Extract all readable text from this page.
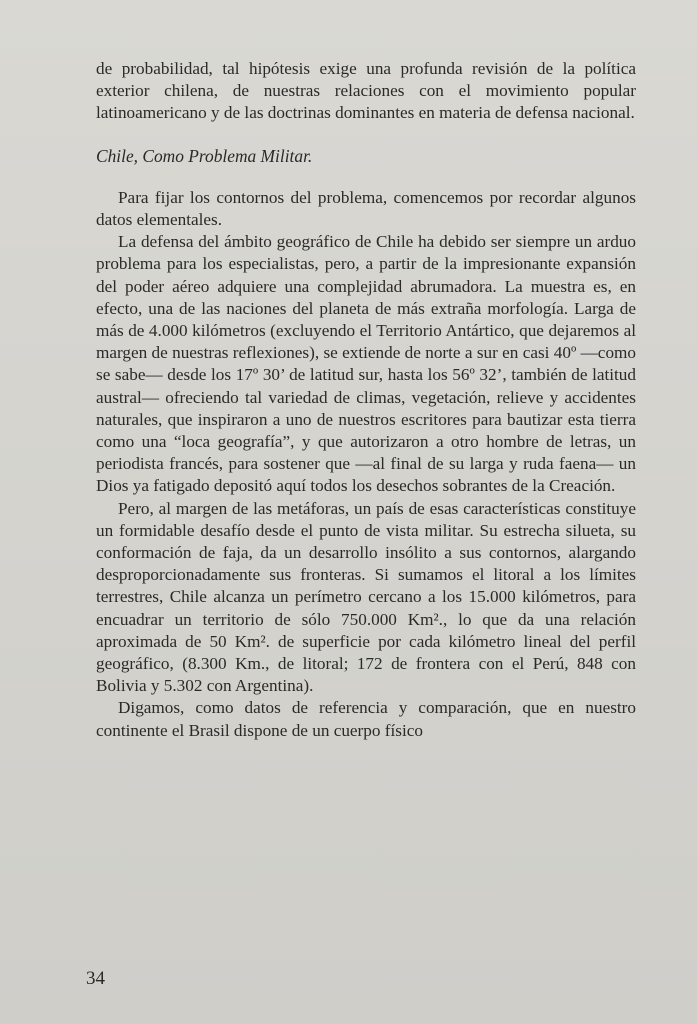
de probabilidad, tal hipótesis exige una profunda revisión de la política exterior chilena, de nuestras relaciones con el movimiento popular latinoamericano y de las doctrinas dominantes en materia de defensa nacional.

Chile, Como Problema Militar.

Para fijar los contornos del problema, comencemos por recordar algunos datos elementales.

La defensa del ámbito geográfico de Chile ha debido ser siempre un arduo problema para los especialistas, pero, a partir de la impresionante expansión del poder aéreo adquiere una complejidad abrumadora. La muestra es, en efecto, una de las naciones del planeta de más extraña morfología. Larga de más de 4.000 kilómetros (excluyendo el Territorio Antártico, que dejaremos al margen de nuestras reflexiones), se extiende de norte a sur en casi 40º —como se sabe— desde los 17º 30’ de latitud sur, hasta los 56º 32’, también de latitud austral— ofreciendo tal variedad de climas, vegetación, relieve y accidentes naturales, que inspiraron a uno de nuestros escritores para bautizar esta tierra como una “loca geografía”, y que autorizaron a otro hombre de letras, un periodista francés, para sostener que —al final de su larga y ruda faena— un Dios ya fatigado depositó aquí todos los desechos sobrantes de la Creación.

Pero, al margen de las metáforas, un país de esas características constituye un formidable desafío desde el punto de vista militar. Su estrecha silueta, su conformación de faja, da un desarrollo insólito a sus contornos, alargando desproporcionadamente sus fronteras. Si sumamos el litoral a los límites terrestres, Chile alcanza un perímetro cercano a los 15.000 kilómetros, para encuadrar un territorio de sólo 750.000 Km²., lo que da una relación aproximada de 50 Km². de superficie por cada kilómetro lineal del perfil geográfico, (8.300 Km., de litoral; 172 de frontera con el Perú, 848 con Bolivia y 5.302 con Argentina).

Digamos, como datos de referencia y comparación, que en nuestro continente el Brasil dispone de un cuerpo físico

34
